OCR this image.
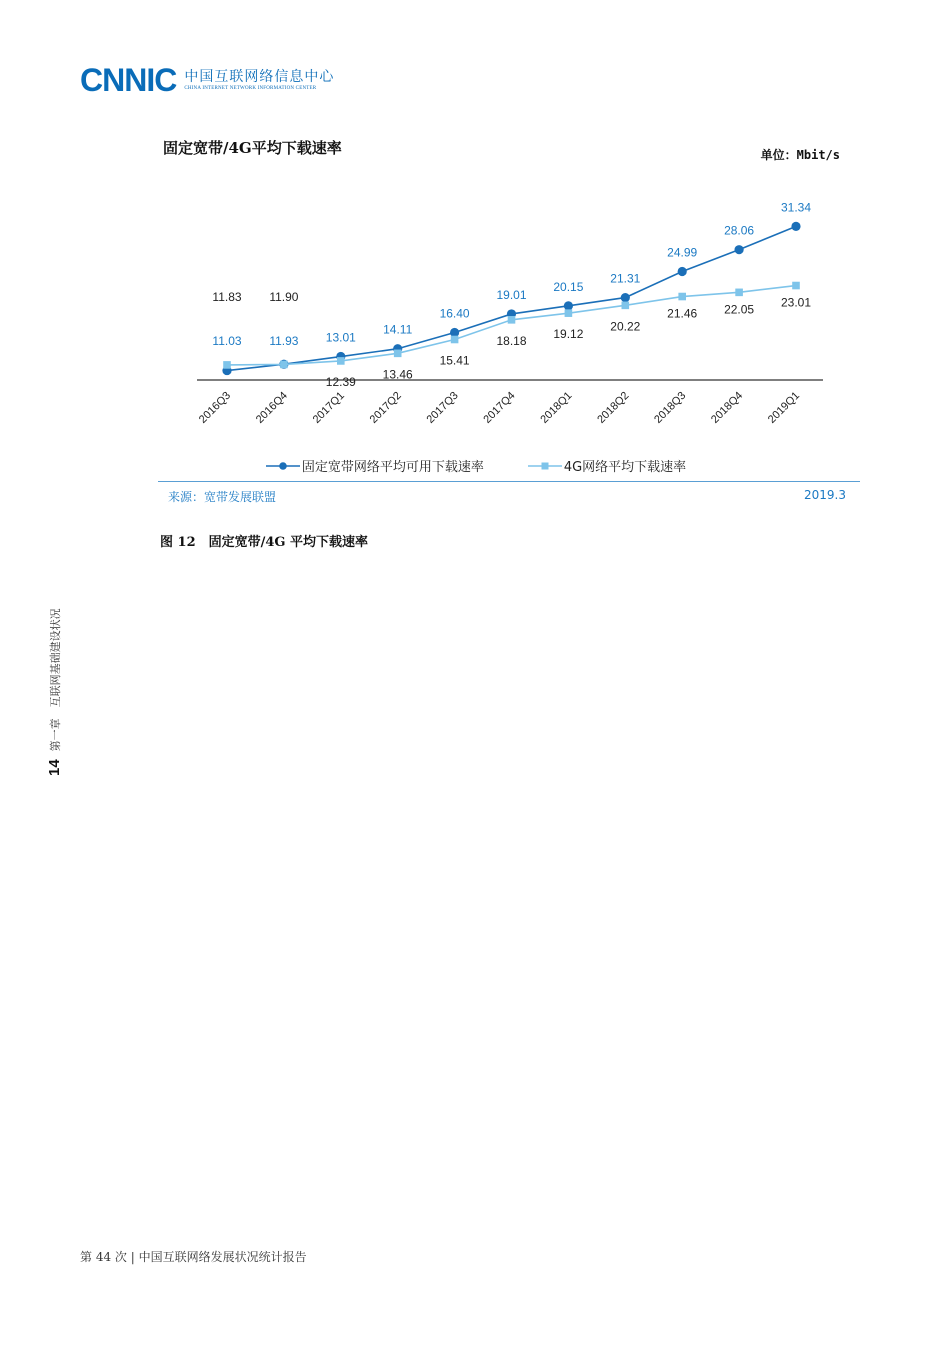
CNNIC 中国互联网络信息中心
CHINA INTERNET NETWORK INFORMATION CENTER
固定宽带/4G平均下载速率	单位：Mbit/s
2016Q3 2016Q4 2017Q1 2017Q2 2017Q3 2017Q4 2018Q1 2018Q2 2018Q3 2018Q4 2019Q1
11.83
11.03
11.90
11.93 13.01
12.39
14.11
13.46
16.40
15.41
19.01
18.18
20.15
19.12
21.31
20.22
24.99
21.46
28.06
22.05
31.34
23.01
固定宽带网络平均可用下载速率	4G网络平均下载速率
来源：宽带发展联盟	2019.3
图 12　固定宽带/4G 平均下载速率
14
第一章　互联网基础建设状况
第 44 次 | 中国互联网络发展状况统计报告
